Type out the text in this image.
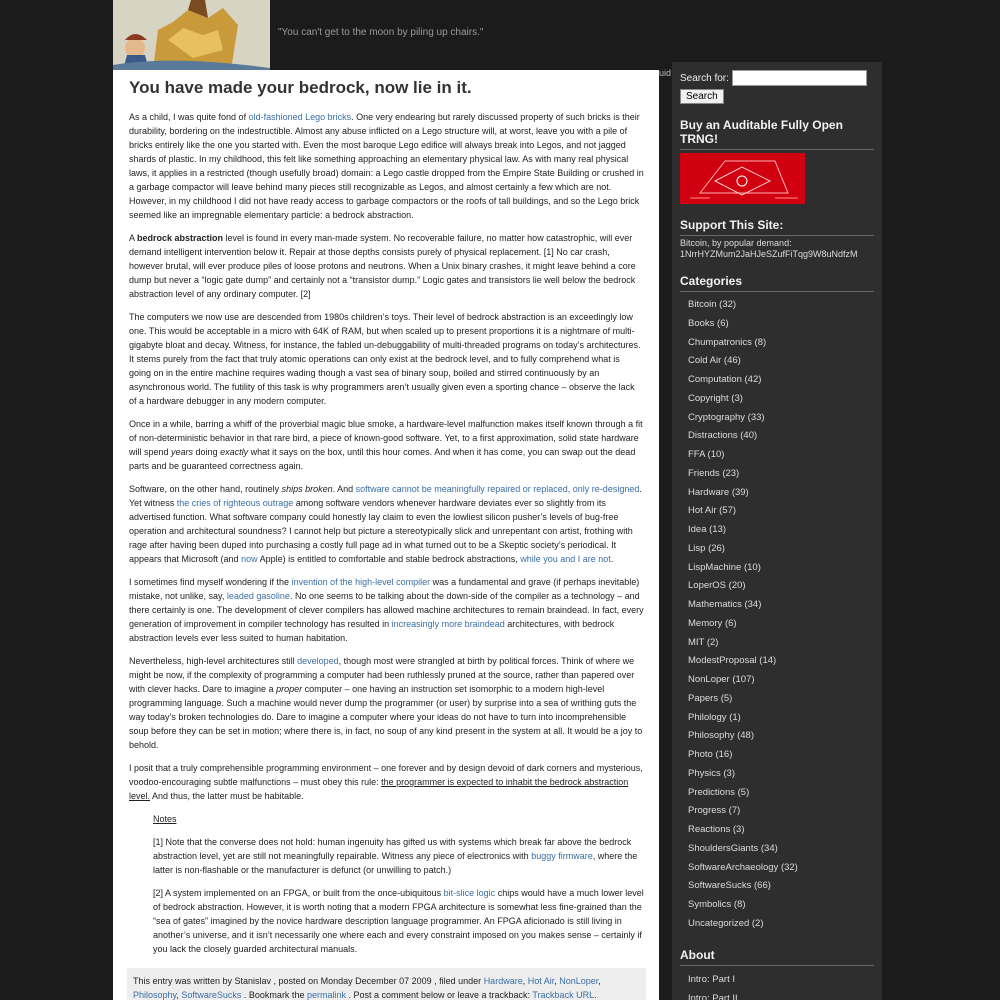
"You can't get to the moon by piling up chairs."
uid
You have made your bedrock, now lie in it.

As a child, I was quite fond of old-fashioned Lego bricks. One very endearing but rarely discussed property of such bricks is their durability, bordering on the indestructible. Almost any abuse inflicted on a Lego structure will, at worst, leave you with a pile of bricks entirely like the one you started with. Even the most baroque Lego edifice will always break into Legos, and not jagged shards of plastic. In my childhood, this felt like something approaching an elementary physical law. As with many real physical laws, it applies in a restricted (though usefully broad) domain: a Lego castle dropped from the Empire State Building or crushed in a garbage compactor will leave behind many pieces still recognizable as Legos, and almost certainly a few which are not. However, in my childhood I did not have ready access to garbage compactors or the roofs of tall buildings, and so the Lego brick seemed like an impregnable elementary particle: a bedrock abstraction.

A bedrock abstraction level is found in every man-made system. No recoverable failure, no matter how catastrophic, will ever demand intelligent intervention below it. Repair at those depths consists purely of physical replacement. [1] No car crash, however brutal, will ever produce piles of loose protons and neutrons. When a Unix binary crashes, it might leave behind a core dump but never a “logic gate dump” and certainly not a “transistor dump.” Logic gates and transistors lie well below the bedrock abstraction level of any ordinary computer. [2]

The computers we now use are descended from 1980s children’s toys. Their level of bedrock abstraction is an exceedingly low one. This would be acceptable in a micro with 64K of RAM, but when scaled up to present proportions it is a nightmare of multi-gigabyte bloat and decay. Witness, for instance, the fabled un-debuggability of multi-threaded programs on today’s architectures. It stems purely from the fact that truly atomic operations can only exist at the bedrock level, and to fully comprehend what is going on in the entire machine requires wading though a vast sea of binary soup, boiled and stirred continuously by an asynchronous world. The futility of this task is why programmers aren’t usually given even a sporting chance – observe the lack of a hardware debugger in any modern computer.

Once in a while, barring a whiff of the proverbial magic blue smoke, a hardware-level malfunction makes itself known through a fit of non-deterministic behavior in that rare bird, a piece of known-good software. Yet, to a first approximation, solid state hardware will spend years doing exactly what it says on the box, until this hour comes. And when it has come, you can swap out the dead parts and be guaranteed correctness again.

Software, on the other hand, routinely ships broken. And software cannot be meaningfully repaired or replaced, only re-designed. Yet witness the cries of righteous outrage among software vendors whenever hardware deviates ever so slightly from its advertised function. What software company could honestly lay claim to even the lowliest silicon pusher’s levels of bug-free operation and architectural soundness? I cannot help but picture a stereotypically slick and unrepentant con artist, frothing with rage after having been duped into purchasing a costly full page ad in what turned out to be a Skeptic society’s periodical. It appears that Microsoft (and now Apple) is entitled to comfortable and stable bedrock abstractions, while you and I are not.

I sometimes find myself wondering if the invention of the high-level compiler was a fundamental and grave (if perhaps inevitable) mistake, not unlike, say, leaded gasoline. No one seems to be talking about the down-side of the compiler as a technology – and there certainly is one. The development of clever compilers has allowed machine architectures to remain braindead. In fact, every generation of improvement in compiler technology has resulted in increasingly more braindead architectures, with bedrock abstraction levels ever less suited to human habitation.

Nevertheless, high-level architectures still developed, though most were strangled at birth by political forces. Think of where we might be now, if the complexity of programming a computer had been ruthlessly pruned at the source, rather than papered over with clever hacks. Dare to imagine a proper computer – one having an instruction set isomorphic to a modern high-level programming language. Such a machine would never dump the programmer (or user) by surprise into a sea of writhing guts the way today’s broken technologies do. Dare to imagine a computer where your ideas do not have to turn into incomprehensible soup before they can be set in motion; where there is, in fact, no soup of any kind present in the system at all. It would be a joy to behold.

I posit that a truly comprehensible programming environment – one forever and by design devoid of dark corners and mysterious, voodoo-encouraging subtle malfunctions – must obey this rule: the programmer is expected to inhabit the bedrock abstraction level. And thus, the latter must be habitable.

Notes

[1] Note that the converse does not hold: human ingenuity has gifted us with systems which break far above the bedrock abstraction level, yet are still not meaningfully repairable. Witness any piece of electronics with buggy firmware, where the latter is non-flashable or the manufacturer is defunct (or unwilling to patch.)

[2] A system implemented on an FPGA, or built from the once-ubiquitous bit-slice logic chips would have a much lower level of bedrock abstraction. However, it is worth noting that a modern FPGA architecture is somewhat less fine-grained than the “sea of gates” imagined by the novice hardware description language programmer. An FPGA aficionado is still living in another’s universe, and it isn’t necessarily one where each and every constraint imposed on you makes sense – certainly if you lack the closely guarded architectural manuals.

This entry was written by Stanislav , posted on Monday December 07 2009 , filed under Hardware, Hot Air, NonLoper, Philosophy, SoftwareSucks . Bookmark the permalink . Post a comment below or leave a trackback: Trackback URL.
Search for:
Search
Buy an Auditable Fully Open TRNG!
Support This Site:
Bitcoin, by popular demand:
1NrrHYZMum2JaHJeSZufFiTqg9W8uNdfzM
Categories
Bitcoin (32)
Books (6)
Chumpatronics (8)
Cold Air (46)
Computation (42)
Copyright (3)
Cryptography (33)
Distractions (40)
FFA (10)
Friends (23)
Hardware (39)
Hot Air (57)
Idea (13)
Lisp (26)
LispMachine (10)
LoperOS (20)
Mathematics (34)
Memory (6)
MIT (2)
ModestProposal (14)
NonLoper (107)
Papers (5)
Philology (1)
Philosophy (48)
Photo (16)
Physics (3)
Predictions (5)
Progress (7)
Reactions (3)
ShouldersGiants (34)
SoftwareArchaeology (32)
SoftwareSucks (66)
Symbolics (8)
Uncategorized (2)
About
Intro: Part I
Intro: Part II
